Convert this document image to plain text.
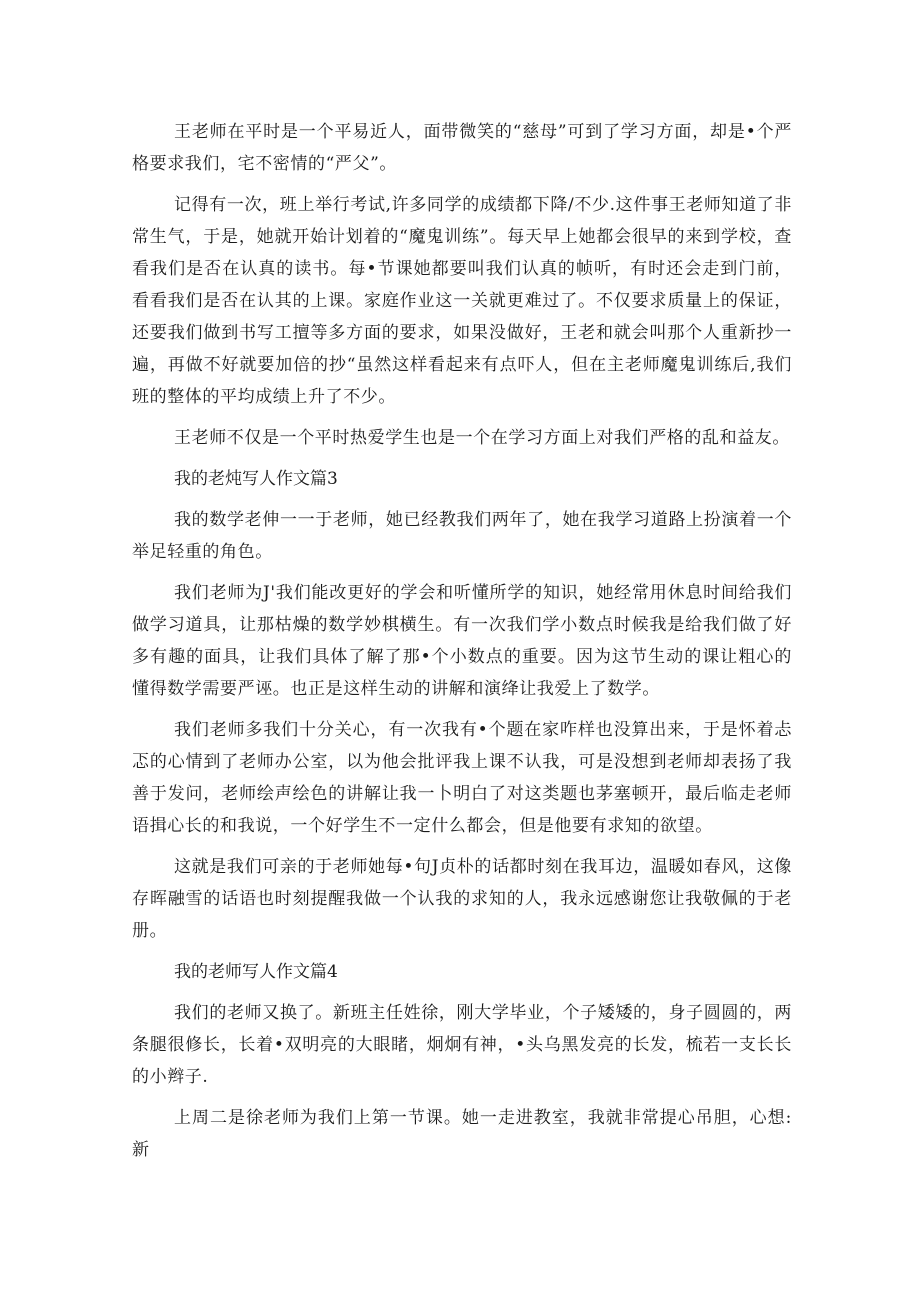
王老师在平时是一个平易近人，面带微笑的“慈母”可到了学习方面，却是•个严格要求我们，宅不密情的“严父”。

记得有一次，班上举行考试,许多同学的成绩都下降/不少.这件事王老师知道了非常生气，于是，她就开始计划着的“魔鬼训练”。每天早上她都会很早的来到学校，查看我们是否在认真的读书。每•节课她都要叫我们认真的帧听，有时还会走到门前，看看我们是否在认其的上课。家庭作业这一关就更难过了。不仅要求质量上的保证，还要我们做到书写工擅等多方面的要求，如果没做好，王老和就会叫那个人重新抄一遍，再做不好就要加倍的抄“虽然这样看起来有点吓人，但在主老师魔鬼训练后,我们班的整体的平均成绩上升了不少。

王老师不仅是一个平时热爱学生也是一个在学习方面上对我们严格的乱和益友。

我的老炖写人作文篇3

我的数学老伸一一于老师，她已经教我们两年了，她在我学习道路上扮演着一个举足轻重的角色。

我们老师为J'我们能改更好的学会和听懂所学的知识，她经常用休息时间给我们做学习道具，让那枯燥的数学妙棋横生。有一次我们学小数点时候我是给我们做了好多有趣的面具，让我们具体了解了那•个小数点的重要。因为这节生动的课让粗心的懂得数学需要严诬。也正是这样生动的讲解和演绛让我爱上了数学。

我们老师多我们十分关心，有一次我有•个题在家咋样也没算出来，于是怀着忐忑的心情到了老师办公室，以为他会批评我上课不认我，可是没想到老师却表扬了我善于发问，老师绘声绘色的讲解让我一卜明白了对这类题也茅塞顿开，最后临走老师语揖心长的和我说，一个好学生不一定什么都会，但是他要有求知的欲望。

这就是我们可亲的于老师她每•句J贞朴的话都时刻在我耳边，温暖如春风，这像存晖融雪的话语也时刻提醒我做一个认我的求知的人，我永远感谢您让我敬佩的于老册。

我的老师写人作文篇4

我们的老师又换了。新班主任姓徐，刚大学毕业，个子矮矮的，身子圆圆的，两条腿很修长，长着•双明亮的大眼睹，炯炯有神，•头乌黑发亮的长发，梳若一支长长的小辫子.

上周二是徐老师为我们上第一节课。她一走进教室，我就非常提心吊胆，心想:新
